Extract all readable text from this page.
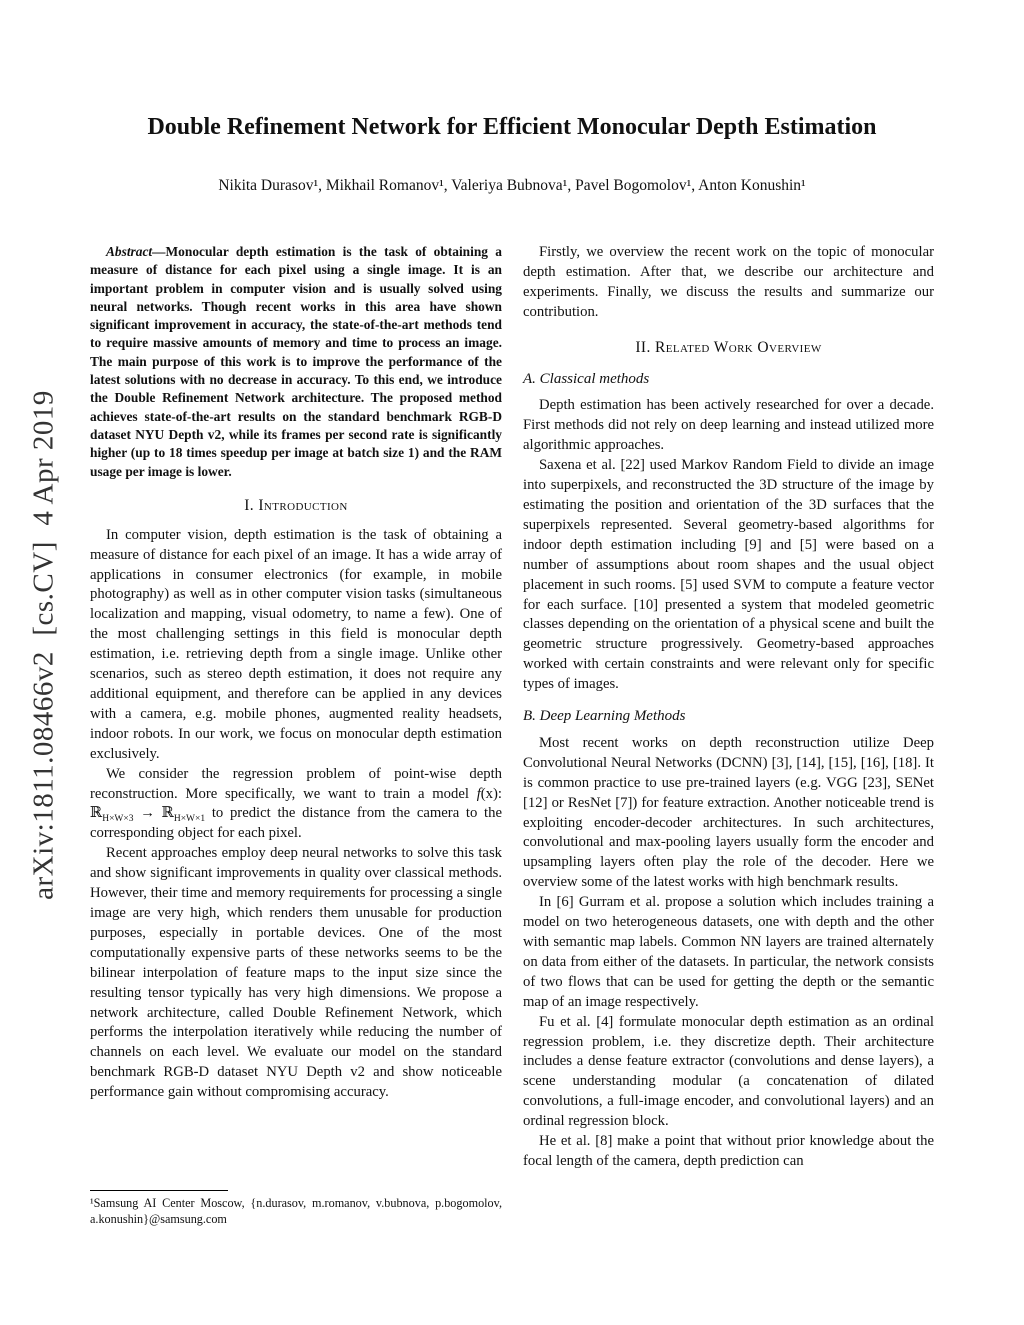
arXiv:1811.08466v2  [cs.CV]  4 Apr 2019
Double Refinement Network for Efficient Monocular Depth Estimation
Nikita Durasov¹, Mikhail Romanov¹, Valeriya Bubnova¹, Pavel Bogomolov¹, Anton Konushin¹

Abstract—Monocular depth estimation is the task of obtaining a measure of distance for each pixel using a single image. It is an important problem in computer vision and is usually solved using neural networks. Though recent works in this area have shown significant improvement in accuracy, the state-of-the-art methods tend to require massive amounts of memory and time to process an image. The main purpose of this work is to improve the performance of the latest solutions with no decrease in accuracy. To this end, we introduce the Double Refinement Network architecture. The proposed method achieves state-of-the-art results on the standard benchmark RGB-D dataset NYU Depth v2, while its frames per second rate is significantly higher (up to 18 times speedup per image at batch size 1) and the RAM usage per image is lower.

I. Introduction

In computer vision, depth estimation is the task of obtaining a measure of distance for each pixel of an image. It has a wide array of applications in consumer electronics (for example, in mobile photography) as well as in other computer vision tasks (simultaneous localization and mapping, visual odometry, to name a few). One of the most challenging settings in this field is monocular depth estimation, i.e. retrieving depth from a single image. Unlike other scenarios, such as stereo depth estimation, it does not require any additional equipment, and therefore can be applied in any devices with a camera, e.g. mobile phones, augmented reality headsets, indoor robots. In our work, we focus on monocular depth estimation exclusively.

We consider the regression problem of point-wise depth reconstruction. More specifically, we want to train a model f(x): ℝ$_{H\times W\times 3}$ → ℝ$_{H\times W\times 1}$ to predict the distance from the camera to the corresponding object for each pixel.

Recent approaches employ deep neural networks to solve this task and show significant improvements in quality over classical methods. However, their time and memory requirements for processing a single image are very high, which renders them unusable for production purposes, especially in portable devices. One of the most computationally expensive parts of these networks seems to be the bilinear interpolation of feature maps to the input size since the resulting tensor typically has very high dimensions. We propose a network architecture, called Double Refinement Network, which performs the interpolation iteratively while reducing the number of channels on each level. We evaluate our model on the standard benchmark RGB-D dataset NYU Depth v2 and show noticeable performance gain without compromising accuracy.

¹Samsung AI Center Moscow, {n.durasov, m.romanov, v.bubnova, p.bogomolov, a.konushin}@samsung.com

Firstly, we overview the recent work on the topic of monocular depth estimation. After that, we describe our architecture and experiments. Finally, we discuss the results and summarize our contribution.

II. Related Work Overview
A. Classical methods

Depth estimation has been actively researched for over a decade. First methods did not rely on deep learning and instead utilized more algorithmic approaches.

Saxena et al. [22] used Markov Random Field to divide an image into superpixels, and reconstructed the 3D structure of the image by estimating the position and orientation of the 3D surfaces that the superpixels represented. Several geometry-based algorithms for indoor depth estimation including [9] and [5] were based on a number of assumptions about room shapes and the usual object placement in such rooms. [5] used SVM to compute a feature vector for each surface. [10] presented a system that modeled geometric classes depending on the orientation of a physical scene and built the geometric structure progressively. Geometry-based approaches worked with certain constraints and were relevant only for specific types of images.

B. Deep Learning Methods

Most recent works on depth reconstruction utilize Deep Convolutional Neural Networks (DCNN) [3], [14], [15], [16], [18]. It is common practice to use pre-trained layers (e.g. VGG [23], SENet [12] or ResNet [7]) for feature extraction. Another noticeable trend is exploiting encoder-decoder architectures. In such architectures, convolutional and max-pooling layers usually form the encoder and upsampling layers often play the role of the decoder. Here we overview some of the latest works with high benchmark results.

In [6] Gurram et al. propose a solution which includes training a model on two heterogeneous datasets, one with depth and the other with semantic map labels. Common NN layers are trained alternately on data from either of the datasets. In particular, the network consists of two flows that can be used for getting the depth or the semantic map of an image respectively.

Fu et al. [4] formulate monocular depth estimation as an ordinal regression problem, i.e. they discretize depth. Their architecture includes a dense feature extractor (convolutions and dense layers), a scene understanding modular (a concatenation of dilated convolutions, a full-image encoder, and convolutional layers) and an ordinal regression block.

He et al. [8] make a point that without prior knowledge about the focal length of the camera, depth prediction can
